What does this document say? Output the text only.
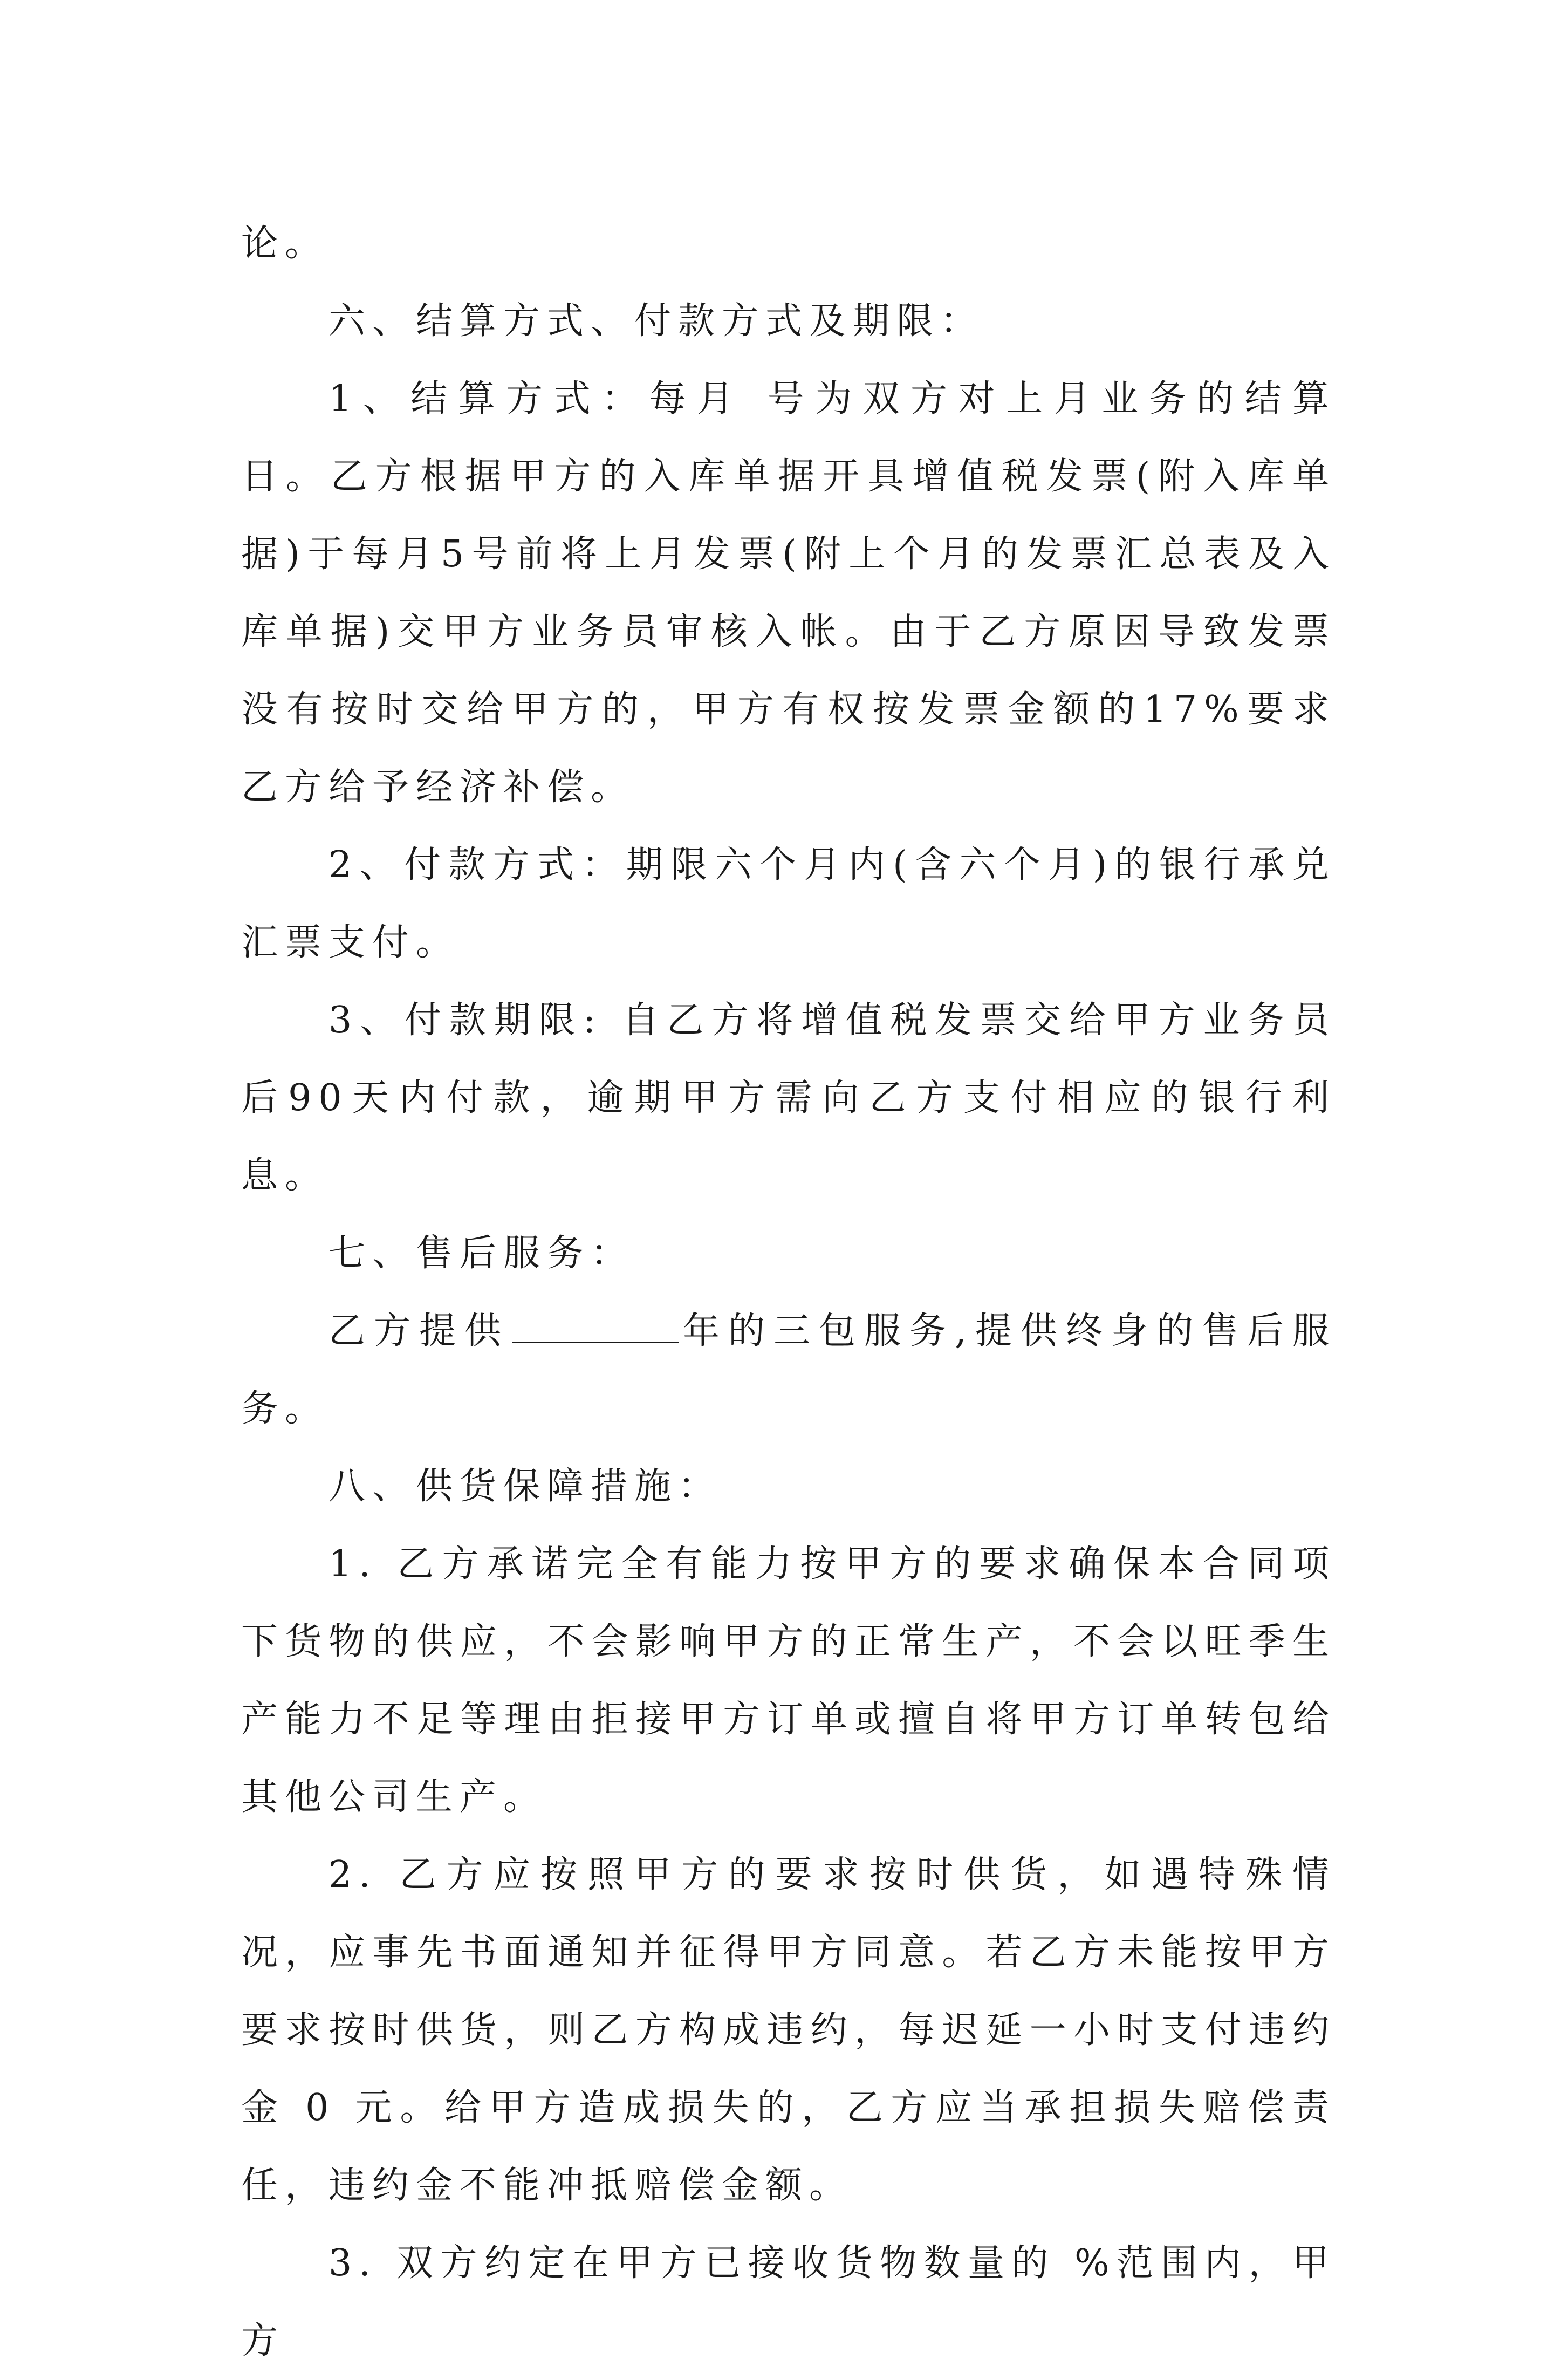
论。

六、结算方式、付款方式及期限：

1、结算方式：每月 号为双方对上月业务的结算日。乙方根据甲方的入库单据开具增值税发票(附入库单据)于每月5号前将上月发票(附上个月的发票汇总表及入库单据)交甲方业务员审核入帐。由于乙方原因导致发票没有按时交给甲方的，甲方有权按发票金额的17%要求乙方给予经济补偿。

2、付款方式：期限六个月内(含六个月)的银行承兑汇票支付。

3、付款期限: 自乙方将增值税发票交给甲方业务员后90天内付款，逾期甲方需向乙方支付相应的银行利息。

七、售后服务：

乙方提供	年的三包服务,提供终身的售后服务。

八、供货保障措施：

1. 乙方承诺完全有能力按甲方的要求确保本合同项下货物的供应，不会影响甲方的正常生产，不会以旺季生产能力不足等理由拒接甲方订单或擅自将甲方订单转包给其他公司生产。

2. 乙方应按照甲方的要求按时供货，如遇特殊情况，应事先书面通知并征得甲方同意。若乙方未能按甲方要求按时供货，则乙方构成违约，每迟延一小时支付违约金 0 元。给甲方造成损失的，乙方应当承担损失赔偿责任，违约金不能冲抵赔偿金额。

3. 双方约定在甲方已接收货物数量的 %范围内，甲方
